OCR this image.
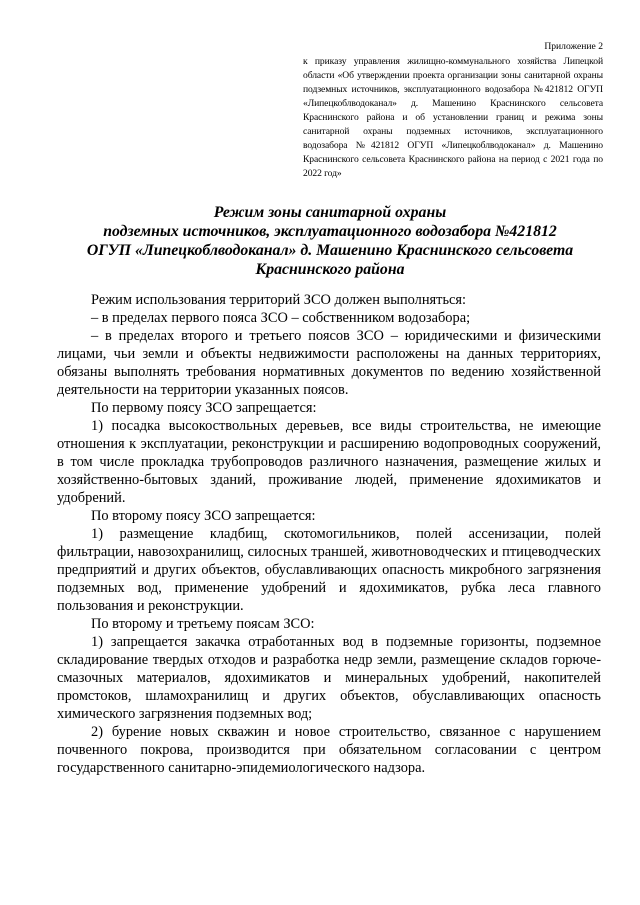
Приложение 2

к приказу управления жилищно-коммунального хозяйства Липецкой области «Об утверждении проекта организации зоны санитарной охраны подземных источников, эксплуатационного водозабора №421812 ОГУП «Липецкоблводоканал» д. Машенино Краснинского сельсовета Краснинского района и об установлении границ и режима зоны санитарной охраны подземных источников, эксплуатационного водозабора №421812 ОГУП «Липецкоблводоканал» д. Машенино Краснинского сельсовета Краснинского района на период с 2021 года по 2022 год»

Режим зоны санитарной охраны
подземных источников, эксплуатационного водозабора №421812
ОГУП «Липецкоблводоканал» д. Машенино Краснинского сельсовета
Краснинского района

Режим использования территорий ЗСО должен выполняться:

– в пределах первого пояса ЗСО – собственником водозабора;

– в пределах второго и третьего поясов ЗСО – юридическими и физическими лицами, чьи земли и объекты недвижимости расположены на данных территориях, обязаны выполнять требования нормативных документов по ведению хозяйственной деятельности на территории указанных поясов.

По первому поясу ЗСО запрещается:

1) посадка высокоствольных деревьев, все виды строительства, не имеющие отношения к эксплуатации, реконструкции и расширению водопроводных сооружений, в том числе прокладка трубопроводов различного назначения, размещение жилых и хозяйственно-бытовых зданий, проживание людей, применение ядохимикатов и удобрений.

По второму поясу ЗСО запрещается:

1) размещение кладбищ, скотомогильников, полей ассенизации, полей фильтрации, навозохранилищ, силосных траншей, животноводческих и птицеводческих предприятий и других объектов, обуславливающих опасность микробного загрязнения подземных вод, применение удобрений и ядохимикатов, рубка леса главного пользования и реконструкции.

По второму и третьему поясам ЗСО:

1) запрещается закачка отработанных вод в подземные горизонты, подземное складирование твердых отходов и разработка недр земли, размещение складов горюче-смазочных материалов, ядохимикатов и минеральных удобрений, накопителей промстоков, шламохранилищ и других объектов, обуславливающих опасность химического загрязнения подземных вод;

2) бурение новых скважин и новое строительство, связанное с нарушением почвенного покрова, производится при обязательном согласовании с центром государственного санитарно-эпидемиологического надзора.
